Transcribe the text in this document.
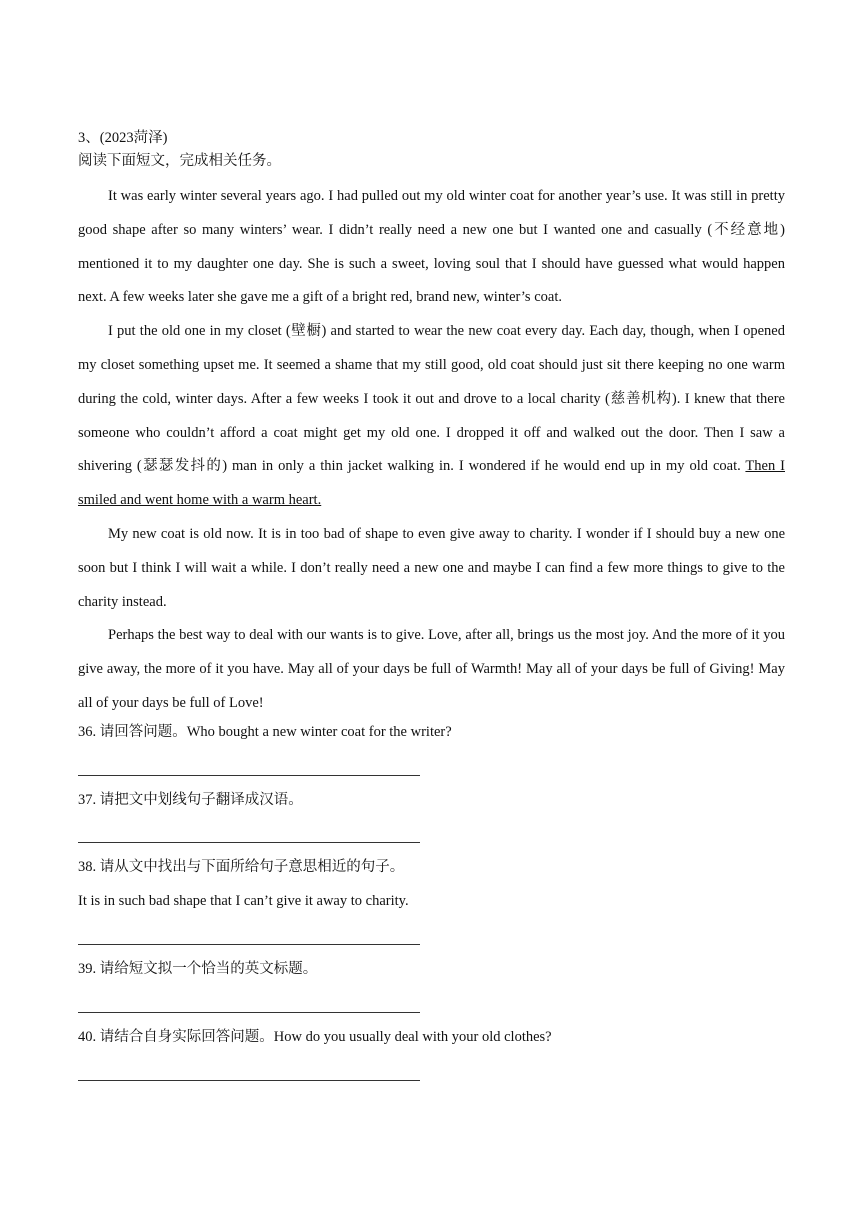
3、(2023菏泽)

阅读下面短文，完成相关任务。

It was early winter several years ago. I had pulled out my old winter coat for another year’s use. It was still in pretty good shape after so many winters’ wear. I didn’t really need a new one but I wanted one and casually (不经意地) mentioned it to my daughter one day. She is such a sweet, loving soul that I should have guessed what would happen next. A few weeks later she gave me a gift of a bright red, brand new, winter’s coat.

I put the old one in my closet (壁橱) and started to wear the new coat every day. Each day, though, when I opened my closet something upset me. It seemed a shame that my still good, old coat should just sit there keeping no one warm during the cold, winter days. After a few weeks I took it out and drove to a local charity (慈善机构). I knew that there someone who couldn’t afford a coat might get my old one. I dropped it off and walked out the door. Then I saw a shivering (瑟瑟发抖的) man in only a thin jacket walking in. I wondered if he would end up in my old coat. Then I smiled and went home with a warm heart.

My new coat is old now. It is in too bad of shape to even give away to charity. I wonder if I should buy a new one soon but I think I will wait a while. I don’t really need a new one and maybe I can find a few more things to give to the charity instead.

Perhaps the best way to deal with our wants is to give. Love, after all, brings us the most joy. And the more of it you give away, the more of it you have. May all of your days be full of Warmth! May all of your days be full of Giving! May all of your days be full of Love!

36. 请回答问题。Who bought a new winter coat for the writer?

37. 请把文中划线句子翻译成汉语。

38. 请从文中找出与下面所给句子意思相近的句子。

It is in such bad shape that I can’t give it away to charity.

39. 请给短文拟一个恰当的英文标题。

40. 请结合自身实际回答问题。How do you usually deal with your old clothes?
